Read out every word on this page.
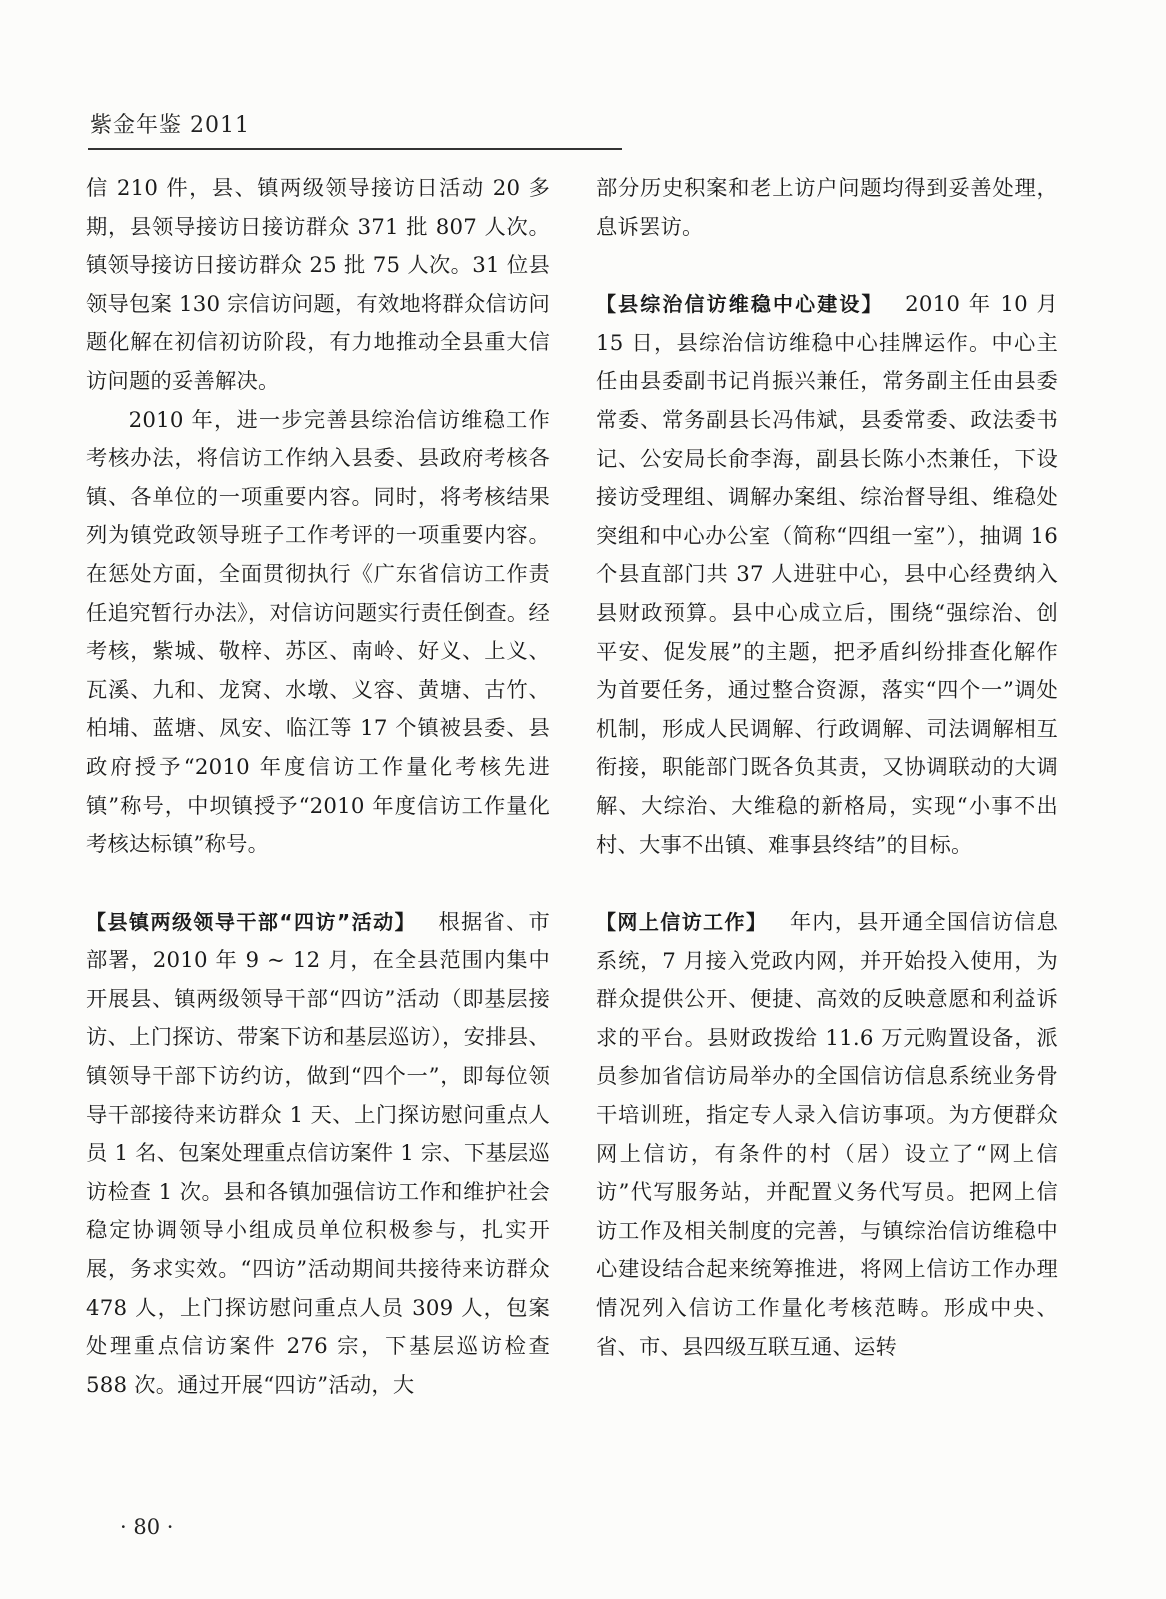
紫金年鉴 2011

信 210 件，县、镇两级领导接访日活动 20 多期，县领导接访日接访群众 371 批 807 人次。镇领导接访日接访群众 25 批 75 人次。31 位县领导包案 130 宗信访问题，有效地将群众信访问题化解在初信初访阶段，有力地推动全县重大信访问题的妥善解决。

2010 年，进一步完善县综治信访维稳工作考核办法，将信访工作纳入县委、县政府考核各镇、各单位的一项重要内容。同时，将考核结果列为镇党政领导班子工作考评的一项重要内容。在惩处方面，全面贯彻执行《广东省信访工作责任追究暂行办法》，对信访问题实行责任倒查。经考核，紫城、敬梓、苏区、南岭、好义、上义、瓦溪、九和、龙窝、水墩、义容、黄塘、古竹、柏埔、蓝塘、凤安、临江等 17 个镇被县委、县政府授予“2010 年度信访工作量化考核先进镇”称号，中坝镇授予“2010 年度信访工作量化考核达标镇”称号。

【县镇两级领导干部“四访”活动】  根据省、市部署，2010 年 9 ~ 12 月，在全县范围内集中开展县、镇两级领导干部“四访”活动（即基层接访、上门探访、带案下访和基层巡访），安排县、镇领导干部下访约访，做到“四个一”，即每位领导干部接待来访群众 1 天、上门探访慰问重点人员 1 名、包案处理重点信访案件 1 宗、下基层巡访检查 1 次。县和各镇加强信访工作和维护社会稳定协调领导小组成员单位积极参与，扎实开展，务求实效。“四访”活动期间共接待来访群众 478 人，上门探访慰问重点人员 309 人，包案处理重点信访案件 276 宗，下基层巡访检查 588 次。通过开展“四访”活动，大

部分历史积案和老上访户问题均得到妥善处理，息诉罢访。

【县综治信访维稳中心建设】  2010 年 10 月 15 日，县综治信访维稳中心挂牌运作。中心主任由县委副书记肖振兴兼任，常务副主任由县委常委、常务副县长冯伟斌，县委常委、政法委书记、公安局长俞李海，副县长陈小杰兼任，下设接访受理组、调解办案组、综治督导组、维稳处突组和中心办公室（简称“四组一室”），抽调 16 个县直部门共 37 人进驻中心，县中心经费纳入县财政预算。县中心成立后，围绕“强综治、创平安、促发展”的主题，把矛盾纠纷排查化解作为首要任务，通过整合资源，落实“四个一”调处机制，形成人民调解、行政调解、司法调解相互衔接，职能部门既各负其责，又协调联动的大调解、大综治、大维稳的新格局，实现“小事不出村、大事不出镇、难事县终结”的目标。

【网上信访工作】  年内，县开通全国信访信息系统，7 月接入党政内网，并开始投入使用，为群众提供公开、便捷、高效的反映意愿和利益诉求的平台。县财政拨给 11.6 万元购置设备，派员参加省信访局举办的全国信访信息系统业务骨干培训班，指定专人录入信访事项。为方便群众网上信访，有条件的村（居）设立了“网上信访”代写服务站，并配置义务代写员。把网上信访工作及相关制度的完善，与镇综治信访维稳中心建设结合起来统筹推进，将网上信访工作办理情况列入信访工作量化考核范畴。形成中央、省、市、县四级互联互通、运转

· 80 ·
